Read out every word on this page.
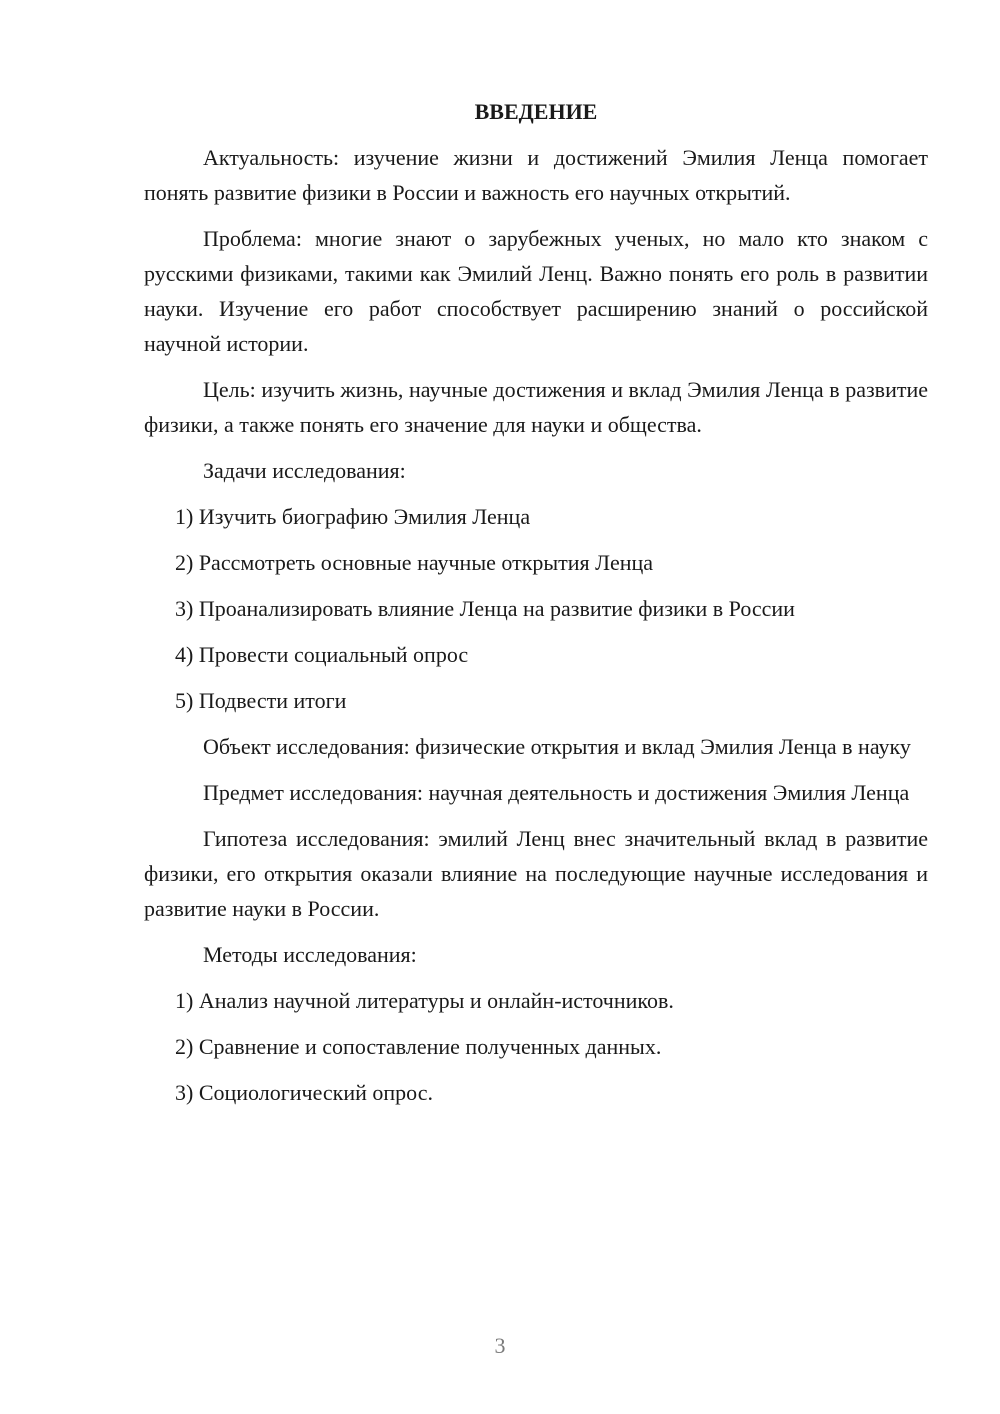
ВВЕДЕНИЕ

Актуальность: изучение жизни и достижений Эмилия Ленца помогает понять развитие физики в России и важность его научных открытий.

Проблема: многие знают о зарубежных ученых, но мало кто знаком с русскими физиками, такими как Эмилий Ленц. Важно понять его роль в развитии науки. Изучение его работ способствует расширению знаний о российской научной истории.

Цель: изучить жизнь, научные достижения и вклад Эмилия Ленца в развитие физики, а также понять его значение для науки и общества.

Задачи исследования:

1) Изучить биографию Эмилия Ленца
2) Рассмотреть основные научные открытия Ленца
3) Проанализировать влияние Ленца на развитие физики в России
4) Провести социальный опрос
5) Подвести итоги

Объект исследования: физические открытия и вклад Эмилия Ленца в науку

Предмет исследования: научная деятельность и достижения Эмилия Ленца

Гипотеза исследования: эмилий Ленц внес значительный вклад в развитие физики, его открытия оказали влияние на последующие научные исследования и развитие науки в России.

Методы исследования:

1) Анализ научной литературы и онлайн-источников.
2) Сравнение и сопоставление полученных данных.
3) Социологический опрос.
3
